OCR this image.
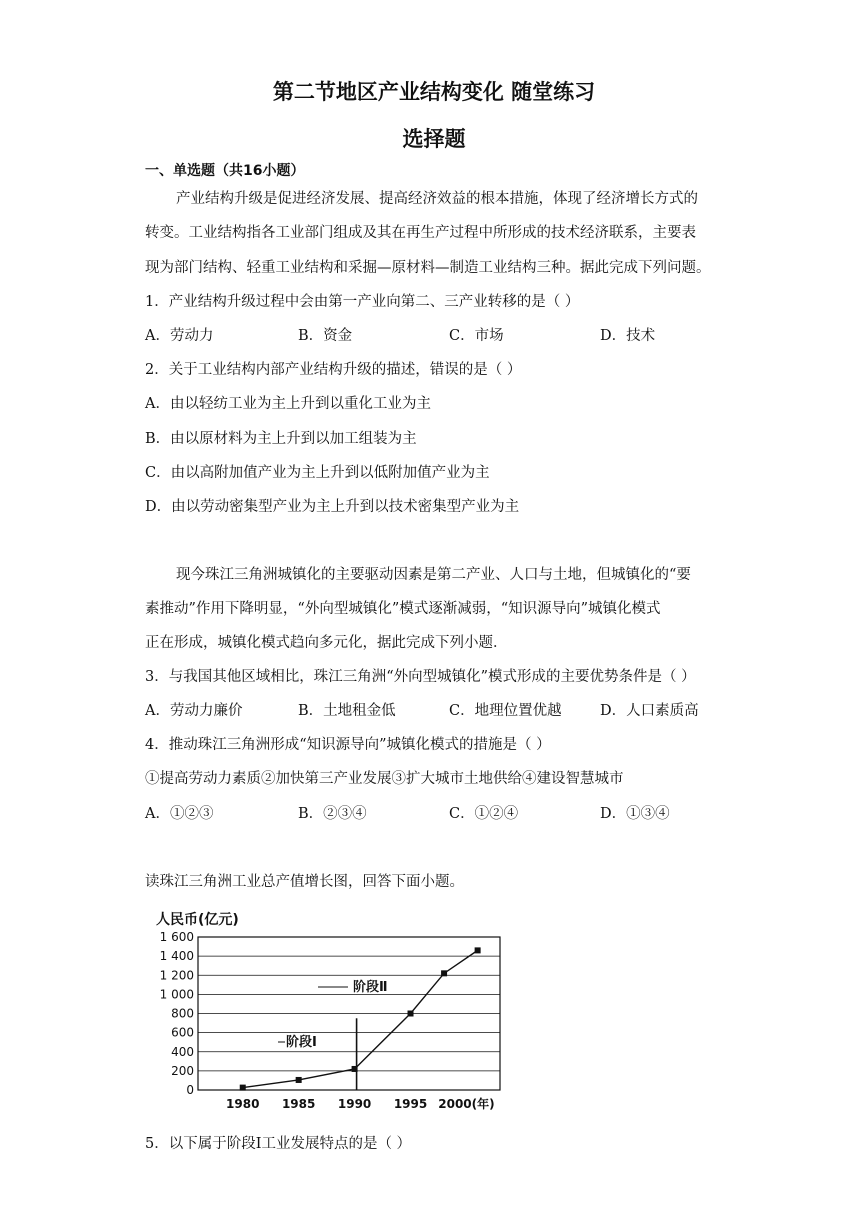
第二节地区产业结构变化 随堂练习
选择题
一、单选题（共16小题）
产业结构升级是促进经济发展、提高经济效益的根本措施，体现了经济增长方式的
转变。工业结构指各工业部门组成及其在再生产过程中所形成的技术经济联系，主要表
现为部门结构、轻重工业结构和采掘—原材料—制造工业结构三种。据此完成下列问题。
1．产业结构升级过程中会由第一产业向第二、三产业转移的是（ ）
A．劳动力	B．资金	C．市场	D．技术
2．关于工业结构内部产业结构升级的描述，错误的是（ ）
A．由以轻纺工业为主上升到以重化工业为主
B．由以原材料为主上升到以加工组装为主
C．由以高附加值产业为主上升到以低附加值产业为主
D．由以劳动密集型产业为主上升到以技术密集型产业为主
现今珠江三角洲城镇化的主要驱动因素是第二产业、人口与土地，但城镇化的“要
素推动”作用下降明显，“外向型城镇化”模式逐渐减弱，“知识源导向”城镇化模式
正在形成，城镇化模式趋向多元化，据此完成下列小题．
3．与我国其他区域相比，珠江三角洲“外向型城镇化”模式形成的主要优势条件是（ ）
A．劳动力廉价	B．土地租金低	C．地理位置优越	D．人口素质高
4．推动珠江三角洲形成“知识源导向”城镇化模式的措施是（ ）
①提高劳动力素质②加快第三产业发展③扩大城市土地供给④建设智慧城市
A．①②③	B．②③④	C．①②④	D．①③④
读珠江三角洲工业总产值增长图，回答下面小题。
人民币(亿元)
0
200
400
600
800
1 000
1 200
1 400
1 600
1980 1985 1990 1995 2000(年)
阶段Ⅰ
阶段Ⅱ
5．以下属于阶段Ⅰ工业发展特点的是（ ）
